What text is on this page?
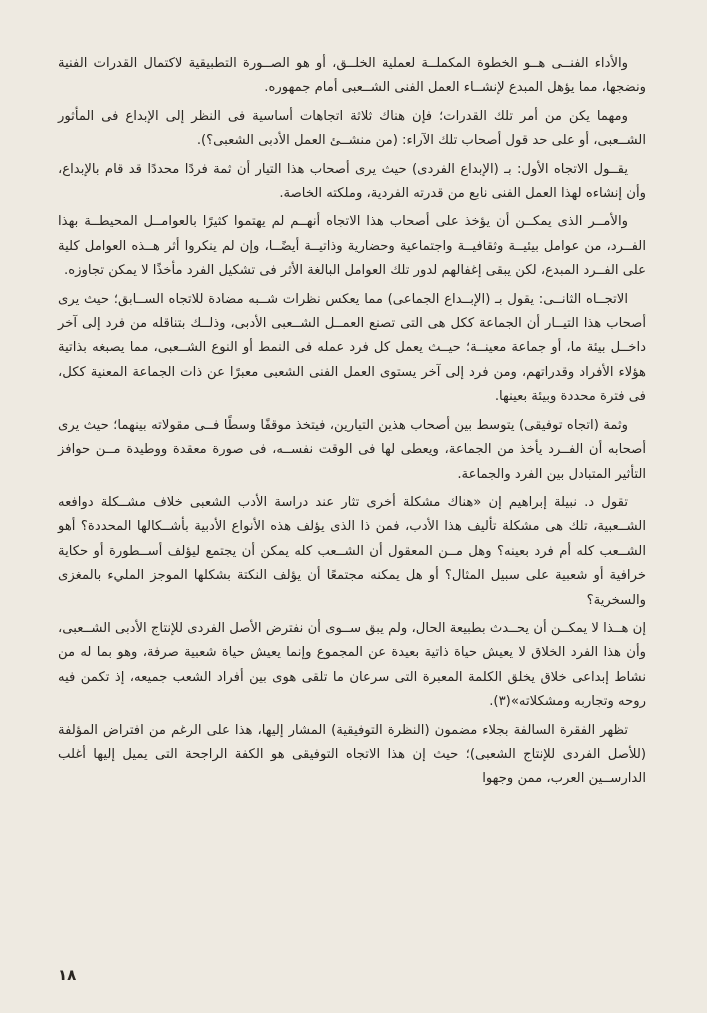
والأداء الفنــى هــو الخطوة المكملــة لعملية الخلــق، أو هو الصــورة التطبيقية لاكتمال القدرات الفنية ونضجها، مما يؤهل المبدع لإنشــاء العمل الفنى الشــعبى أمام جمهوره.

ومهما يكن من أمر تلك القدرات؛ فإن هناك ثلاثة اتجاهات أساسية فى النظر إلى الإبداع فى المأثور الشــعبى، أو على حد قول أصحاب تلك الآراء: (من منشــئ العمل الأدبى الشعبى؟).

يقــول الاتجاه الأول: بـ (الإبداع الفردى) حيث يرى أصحاب هذا التيار أن ثمة فردًا محددًا قد قام بالإبداع، وأن إنشاءه لهذا العمل الفنى نابع من قدرته الفردية، وملكته الخاصة.

والأمــر الذى يمكــن أن يؤخذ على أصحاب هذا الاتجاه أنهــم لم يهتموا كثيرًا بالعوامــل المحيطــة بهذا الفــرد، من عوامل بيئيــة وثقافيــة واجتماعية وحضارية وذاتيــة أيضًــا، وإن لم ينكروا أثر هــذه العوامل كلية على الفــرد المبدع، لكن يبقى إغفالهم لدور تلك العوامل البالغة الأثر فى تشكيل الفرد مأخذًا لا يمكن تجاوزه.

الاتجــاه الثانــى: يقول بـ (الإبــداع الجماعى) مما يعكس نظرات شــبه مضادة للاتجاه الســابق؛ حيث يرى أصحاب هذا التيــار أن الجماعة ككل هى التى تصنع العمــل الشــعبى الأدبى، وذلــك بتناقله من فرد إلى آخر داخــل بيئة ما، أو جماعة معينــة؛ حيــث يعمل كل فرد عمله فى النمط أو النوع الشــعبى، مما يصبغه بذاتية هؤلاء الأفراد وقدراتهم، ومن فرد إلى آخر يستوى العمل الفنى الشعبى معبرًا عن ذات الجماعة المعنية ككل، فى فترة محددة وبيئة بعينها.

وثمة (اتجاه توفيقى) يتوسط بين أصحاب هذين التيارين، فيتخذ موقفًا وسطًا فــى مقولاته بينهما؛ حيث يرى أصحابه أن الفــرد يأخذ من الجماعة، ويعطى لها فى الوقت نفســه، فى صورة معقدة ووطيدة مــن حوافز التأثير المتبادل بين الفرد والجماعة.

تقول د. نبيلة إبراهيم إن «هناك مشكلة أخرى تثار عند دراسة الأدب الشعبى خلاف مشــكلة دوافعه الشــعبية، تلك هى مشكلة تأليف هذا الأدب، فمن ذا الذى يؤلف هذه الأنواع الأدبية بأشــكالها المحددة؟ أهو الشــعب كله أم فرد بعينه؟ وهل مــن المعقول أن الشــعب كله يمكن أن يجتمع ليؤلف أســطورة أو حكاية خرافية أو شعبية على سبيل المثال؟ أو هل يمكنه مجتمعًا أن يؤلف النكتة بشكلها الموجز المليء بالمغزى والسخرية؟

إن هــذا لا يمكــن أن يحــدث بطبيعة الحال، ولم يبق ســوى أن نفترض الأصل الفردى للإنتاج الأدبى الشــعبى، وأن هذا الفرد الخلاق لا يعيش حياة ذاتية بعيدة عن المجموع وإنما يعيش حياة شعبية صرفة، وهو بما له من نشاط إبداعى خلاق يخلق الكلمة المعبرة التى سرعان ما تلقى هوى بين أفراد الشعب جميعه، إذ تكمن فيه روحه وتجاربه ومشكلاته»(٣).

تظهر الفقرة السالفة بجلاء مضمون (النظرة التوفيقية) المشار إليها، هذا على الرغم من افتراض المؤلفة (للأصل الفردى للإنتاج الشعبى)؛ حيث إن هذا الاتجاه التوفيقى هو الكفة الراجحة التى يميل إليها أغلب الدارســين العرب، ممن وجهوا

١٨
